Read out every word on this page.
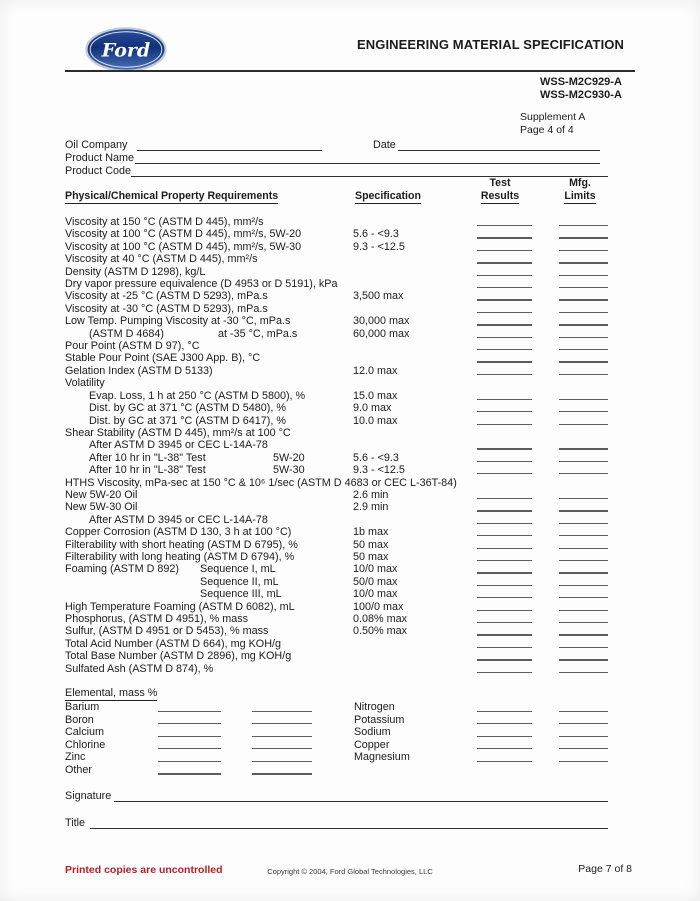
Ford	ENGINEERING MATERIAL SPECIFICATION
WSS-M2C929-A
WSS-M2C930-A
Supplement A
Page 4 of 4
Oil Company	Date
Product Name
Product Code
Physical/Chemical Property Requirements	Specification
Test
Results
Mfg.
Limits
Viscosity at 150 °C (ASTM D 445), mm²/s
Viscosity at 100 °C (ASTM D 445), mm²/s, 5W-20	5.6 - <9.3
Viscosity at 100 °C (ASTM D 445), mm²/s, 5W-30	9.3 - <12.5
Viscosity at 40 °C (ASTM D 445), mm²/s
Density (ASTM D 1298), kg/L
Dry vapor pressure equivalence (D 4953 or D 5191), kPa
Viscosity at -25 °C (ASTM D 5293), mPa.s	3,500 max
Viscosity at -30 °C (ASTM D 5293), mPa.s
Low Temp. Pumping Viscosity at -30 °C, mPa.s	30,000 max
(ASTM D 4684)	at -35 °C, mPa.s	60,000 max
Pour Point (ASTM D 97), °C
Stable Pour Point (SAE J300 App. B), °C
Gelation Index (ASTM D 5133)	12.0 max
Volatility
Evap. Loss, 1 h at 250 °C (ASTM D 5800), %	15.0 max
Dist. by GC at 371 °C (ASTM D 5480), %	9.0 max
Dist. by GC at 371 °C (ASTM D 6417), %	10.0 max
Shear Stability (ASTM D 445), mm²/s at 100 °C
After ASTM D 3945 or CEC L-14A-78
After 10 hr in "L-38" Test	5W-20	5.6 - <9.3
After 10 hr in "L-38" Test	5W-30	9.3 - <12.5
HTHS Viscosity, mPa-sec at 150 °C & 10⁶ 1/sec (ASTM D 4683 or CEC L-36T-84)
New 5W-20 Oil	2.6 min
New 5W-30 Oil	2.9 min
After ASTM D 3945 or CEC L-14A-78
Copper Corrosion (ASTM D 130, 3 h at 100 °C)	1b max
Filterability with short heating (ASTM D 6795), %	50 max
Filterability with long heating (ASTM D 6794), %	50 max
Foaming (ASTM D 892) Sequence I, mL	10/0 max
Sequence II, mL	50/0 max
Sequence III, mL	10/0 max
High Temperature Foaming (ASTM D 6082), mL	100/0 max
Phosphorus, (ASTM D 4951), % mass	0.08% max
Sulfur, (ASTM D 4951 or D 5453), % mass	0.50% max
Total Acid Number (ASTM D 664), mg KOH/g
Total Base Number (ASTM D 2896), mg KOH/g
Sulfated Ash (ASTM D 874), %
Elemental, mass %
Barium	Nitrogen
Boron	Potassium
Calcium	Sodium
Chlorine	Copper
Zinc	Magnesium
Other
Signature
Title
Printed copies are uncontrolled	Copyright © 2004, Ford Global Technologies, LLC	Page 7 of 8
